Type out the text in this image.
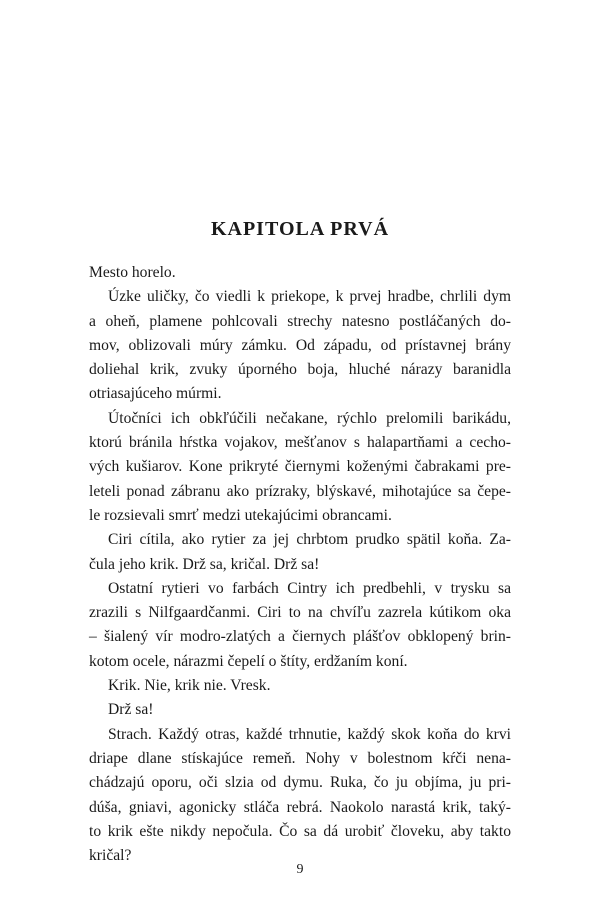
KAPITOLA PRVÁ
Mesto horelo.
Úzke uličky, čo viedli k priekope, k prvej hradbe, chrlili dym
a oheň, plamene pohlcovali strechy natesno postláčaných do-
mov, oblizovali múry zámku. Od západu, od prístavnej brány
doliehal krik, zvuky úporného boja, hluché nárazy baranidla
otriasajúceho múrmi.
Útočníci ich obkľúčili nečakane, rýchlo prelomili barikádu,
ktorú bránila hŕstka vojakov, mešťanov s halapartňami a cecho-
vých kušiarov. Kone prikryté čiernymi koženými čabrakami pre-
leteli ponad zábranu ako prízraky, blýskavé, mihotajúce sa čepe-
le rozsievali smrť medzi utekajúcimi obrancami.
Ciri cítila, ako rytier za jej chrbtom prudko spätil koňa. Za-
čula jeho krik. Drž sa, kričal. Drž sa!
Ostatní rytieri vo farbách Cintry ich predbehli, v trysku sa
zrazili s Nilfgaardčanmi. Ciri to na chvíľu zazrela kútikom oka
– šialený vír modro-zlatých a čiernych plášťov obklopený brin-
kotom ocele, nárazmi čepelí o štíty, erdžaním koní.
Krik. Nie, krik nie. Vresk.
Drž sa!
Strach. Každý otras, každé trhnutie, každý skok koňa do krvi
driape dlane stískajúce remeň. Nohy v bolestnom kŕči nena-
chádzajú oporu, oči slzia od dymu. Ruka, čo ju objíma, ju pri-
dúša, gniavi, agonicky stláča rebrá. Naokolo narastá krik, taký-
to krik ešte nikdy nepočula. Čo sa dá urobiť človeku, aby takto
kričal?
9
